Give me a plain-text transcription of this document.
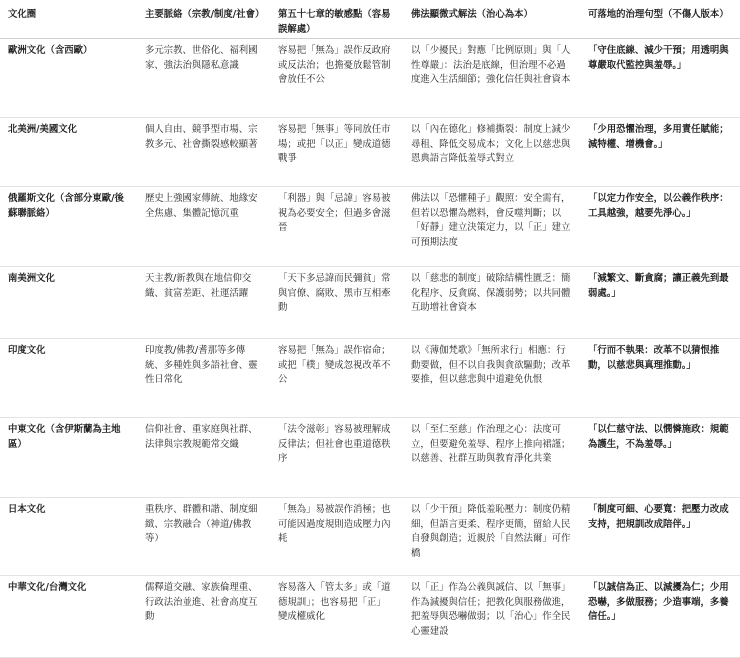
文化圈	主要脈絡（宗教/制度/社會）	第五十七章的敏感點（容易誤解處）	佛法顯微式解法（治心為本）	可落地的治理句型（不傷人版本）
歐洲文化（含西歐）	多元宗教、世俗化、福利國家、強法治與隱私意識	容易把「無為」誤作反政府或反法治；也擔憂放鬆管制會放任不公	以「少擾民」對應「比例原則」與「人性尊嚴」：法治是底線，但治理不必過度進入生活細節；強化信任與社會資本	「守住底線、減少干預；用透明與尊嚴取代監控與羞辱。」
北美洲/美國文化	個人自由、競爭型市場、宗教多元、社會撕裂感較顯著	容易把「無事」等同放任市場；或把「以正」變成道德戰爭	以「內在德化」修補撕裂：制度上減少尋租、降低交易成本；文化上以慈悲與恩典語言降低羞辱式對立	「少用恐懼治理，多用責任賦能；減特權、增機會。」
俄羅斯文化（含部分東歐/後蘇聯脈絡）	歷史上強國家傳統、地緣安全焦慮、集體記憶沉重	「利器」與「忌諱」容易被視為必要安全；但過多會滋晉	佛法以「恐懼種子」觀照：安全需有，但若以恐懼為燃料，會反噬判斷；以「好靜」建立決策定力，以「正」建立可預期法度	「以定力作安全，以公義作秩序：工具越強，越要先淨心。」
南美洲文化	天主教/新教與在地信仰交織、貧富差距、社運活躍	「天下多忌諱而民彌貧」常與官僚、腐敗、黑市互相牽動	以「慈悲的制度」破除結構性匱乏：簡化程序、反貪腐、保護弱勢；以共同體互助增社會資本	「減繁文、斷貪腐；讓正義先到最弱處。」
印度文化	印度教/佛教/耆那等多傳統、多種姓與多語社會、靈性日常化	容易把「無為」誤作宿命；或把「樸」變成忽視改革不公	以《薄伽梵歌》「無所求行」相應：行動要做，但不以自我與貪欲驅動；改革要推，但以慈悲與中道避免仇恨	「行而不執果：改革不以猜恨推動，以慈悲與真理推動。」
中東文化（含伊斯蘭為主地區）	信仰社會、重家庭與社群、法律與宗教規範常交織	「法令滋彰」容易被理解成反律法；但社會也重道德秩序	以「至仁至慈」作治理之心：法度可立，但要避免羞辱、程序上推向裙謹；以慈善、社群互助與教育淨化共業	「以仁慈守法、以憫憐施政：規範為護生，不為羞辱。」
日本文化	重秩序、群體和諧、制度細緻、宗教融合（神道/佛教等）	「無為」易被誤作消極；也可能因過度規則造成壓力內耗	以「少干預」降低羞恥壓力：制度仍精細，但語言更柔、程序更簡，留給人民自發與創造；近親於「自然法爾」可作橋	「制度可細、心要寬：把壓力改成支持，把規訓改成陪伴。」
中華文化/台灣文化	儒釋道交融、家族倫理重、行政法治並進、社會高度互動	容易落入「管太多」或「道德規訓」；也容易把「正」變成權威化	以「正」作為公義與誠信、以「無事」作為減擾與信任；把教化與服務做進，把羞辱與恐嚇做弱；以「治心」作全民心靈建設	「以誠信為正、以減擾為仁；少用恐嚇，多做服務；少造事端，多養信任。」
